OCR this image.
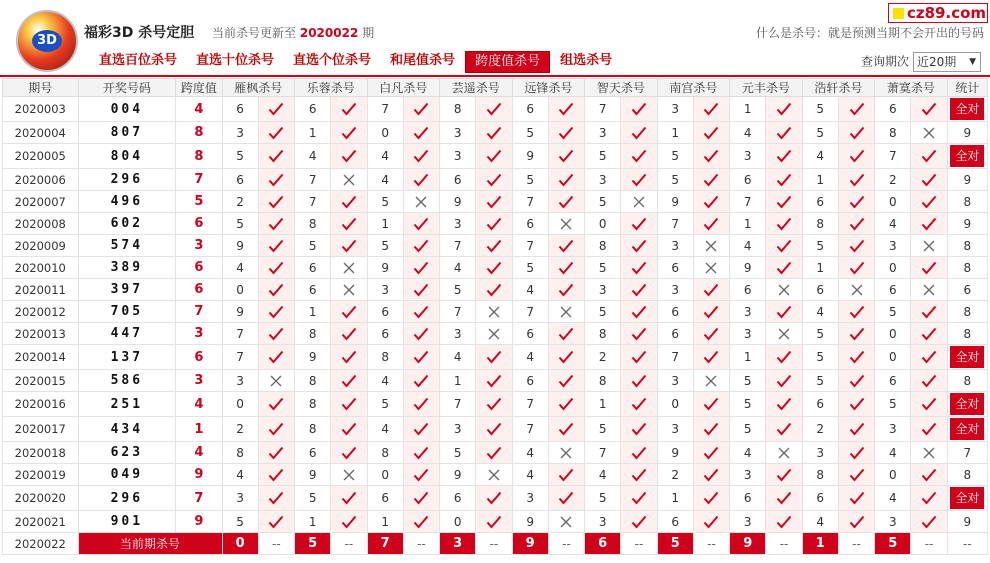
3D	福彩3D 杀号定胆 当前杀号更新至 2020022 期
cz89.com
什么是杀号：就是预测当期不会开出的号码
直选百位杀号	直选十位杀号	直选个位杀号	和尾值杀号	跨度值杀号	组选杀号	查询期次 近20期 ▼
期号	开奖号码	跨度值	雁枫杀号		乐蓉杀号		白凡杀号		芸遥杀号		远锋杀号		智天杀号		南宫杀号		元丰杀号		浩轩杀号		萧寞杀号		统计
2020003	004	4	6		6		7		8		6		7		3		1		5		6		全对
2020004	807	8	3		1		0		3		5		3		1		4		5		8		9
2020005	804	8	5		4		4		3		9		5		5		3		4		7		全对
2020006	296	7	6		7		4		6		5		3		5		6		1		2		9
2020007	496	5	2		7		5		9		7		5		9		7		6		0		8
2020008	602	6	5		8		1		3		6		0		7		1		8		4		9
2020009	574	3	9		5		5		7		7		8		3		4		5		3		8
2020010	389	6	4		6		9		4		5		5		6		9		1		0		8
2020011	397	6	0		6		3		5		4		3		3		6		6		6		6
2020012	705	7	9		1		6		7		7		5		6		3		4		5		8
2020013	447	3	7		8		6		3		6		8		6		3		5		0		8
2020014	137	6	7		9		8		4		4		2		7		1		5		0		全对
2020015	586	3	3		8		4		1		6		8		3		5		5		6		8
2020016	251	4	0		8		5		7		7		1		0		5		6		5		全对
2020017	434	1	2		8		4		3		7		5		3		5		2		3		全对
2020018	623	4	8		6		8		5		4		7		9		4		3		4		7
2020019	049	9	4		9		0		9		4		4		2		3		8		0		8
2020020	296	7	3		5		6		6		3		5		1		6		6		4		全对
2020021	901	9	5		1		1		0		9		3		6		3		4		3		9
2020022	当前期杀号		0	--	5	--	7	--	3	--	9	--	6	--	5	--	9	--	1	--	5	--	--
